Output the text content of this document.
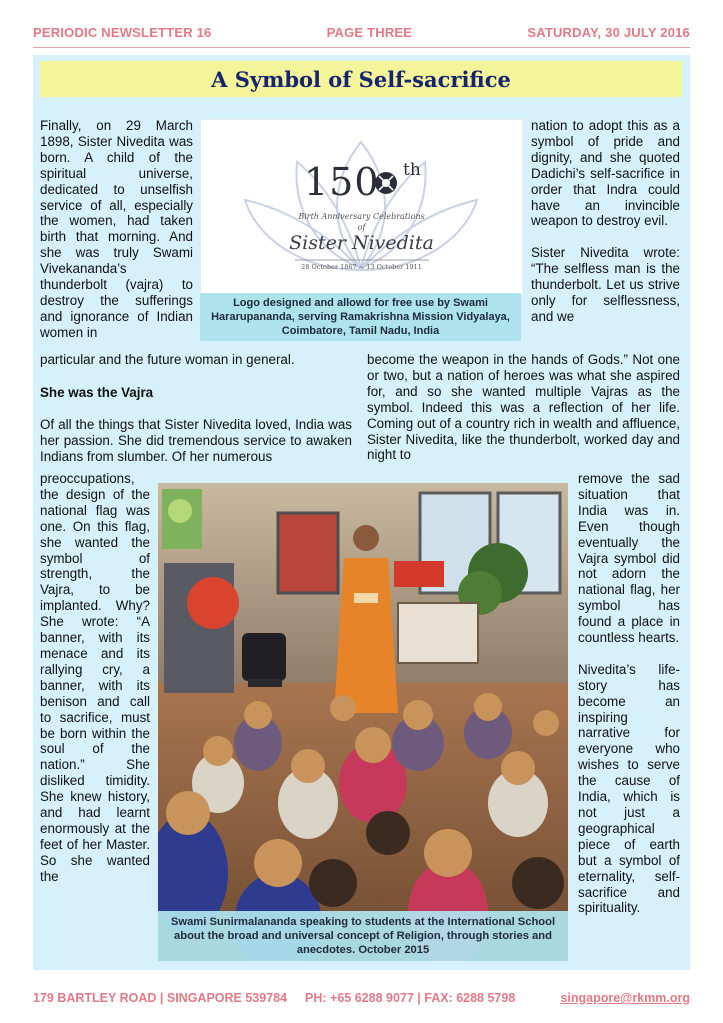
PERIODIC NEWSLETTER 16	PAGE THREE	SATURDAY, 30 JULY 2016
A Symbol of Self-sacrifice

Finally, on 29 March 1898, Sister Nivedita was born. A child of the spiritual universe, dedicated to unselfish service of all, especially the women, had taken birth that morning. And she was truly Swami Vivekananda’s thunderbolt (vajra) to destroy the sufferings and ignorance of Indian women in

150 th
Birth Anniversary Celebrations
of
Sister Nivedita
28 October 1867 ~ 13 October 1911
Logo designed and allowd for free use by Swami Hararupananda, serving Ramakrishna Mission Vidyalaya, Coimbatore, Tamil Nadu, India

nation to adopt this as a symbol of pride and dignity, and she quoted Dadichi’s self-sacrifice in order that Indra could have an invincible weapon to destroy evil.

Sister Nivedita wrote: “The selfless man is the thunderbolt. Let us strive only for selflessness, and we

particular and the future woman in general.

She was the Vajra

Of all the things that Sister Nivedita loved, India was her passion. She did tremendous service to awaken Indians from slumber. Of her numerous

become the weapon in the hands of Gods.” Not one or two, but a nation of heroes was what she aspired for, and so she wanted multiple Vajras as the symbol. Indeed this was a reflection of her life. Coming out of a country rich in wealth and affluence, Sister Nivedita, like the thunderbolt, worked day and night to

preoccupations, the design of the national flag was one. On this flag, she wanted the symbol of strength, the Vajra, to be implanted. Why? She wrote: “A banner, with its menace and its rallying cry, a banner, with its benison and call to sacrifice, must be born within the soul of the nation.” She disliked timidity. She knew history, and had learnt enormously at the feet of her Master. So she wanted the

Swami Sunirmalananda speaking to students at the International School about the broad and universal concept of Religion, through stories and anecdotes. October 2015

remove the sad situation that India was in. Even though eventually the Vajra symbol did not adorn the national flag, her symbol has found a place in countless hearts.

Nivedita’s life-story has become an inspiring narrative for everyone who wishes to serve the cause of India, which is not just a geographical piece of earth but a symbol of eternality, self-sacrifice and spirituality.

179 BARTLEY ROAD | SINGAPORE 539784 PH: +65 6288 9077 | FAX: 6288 5798	singapore@rkmm.org
